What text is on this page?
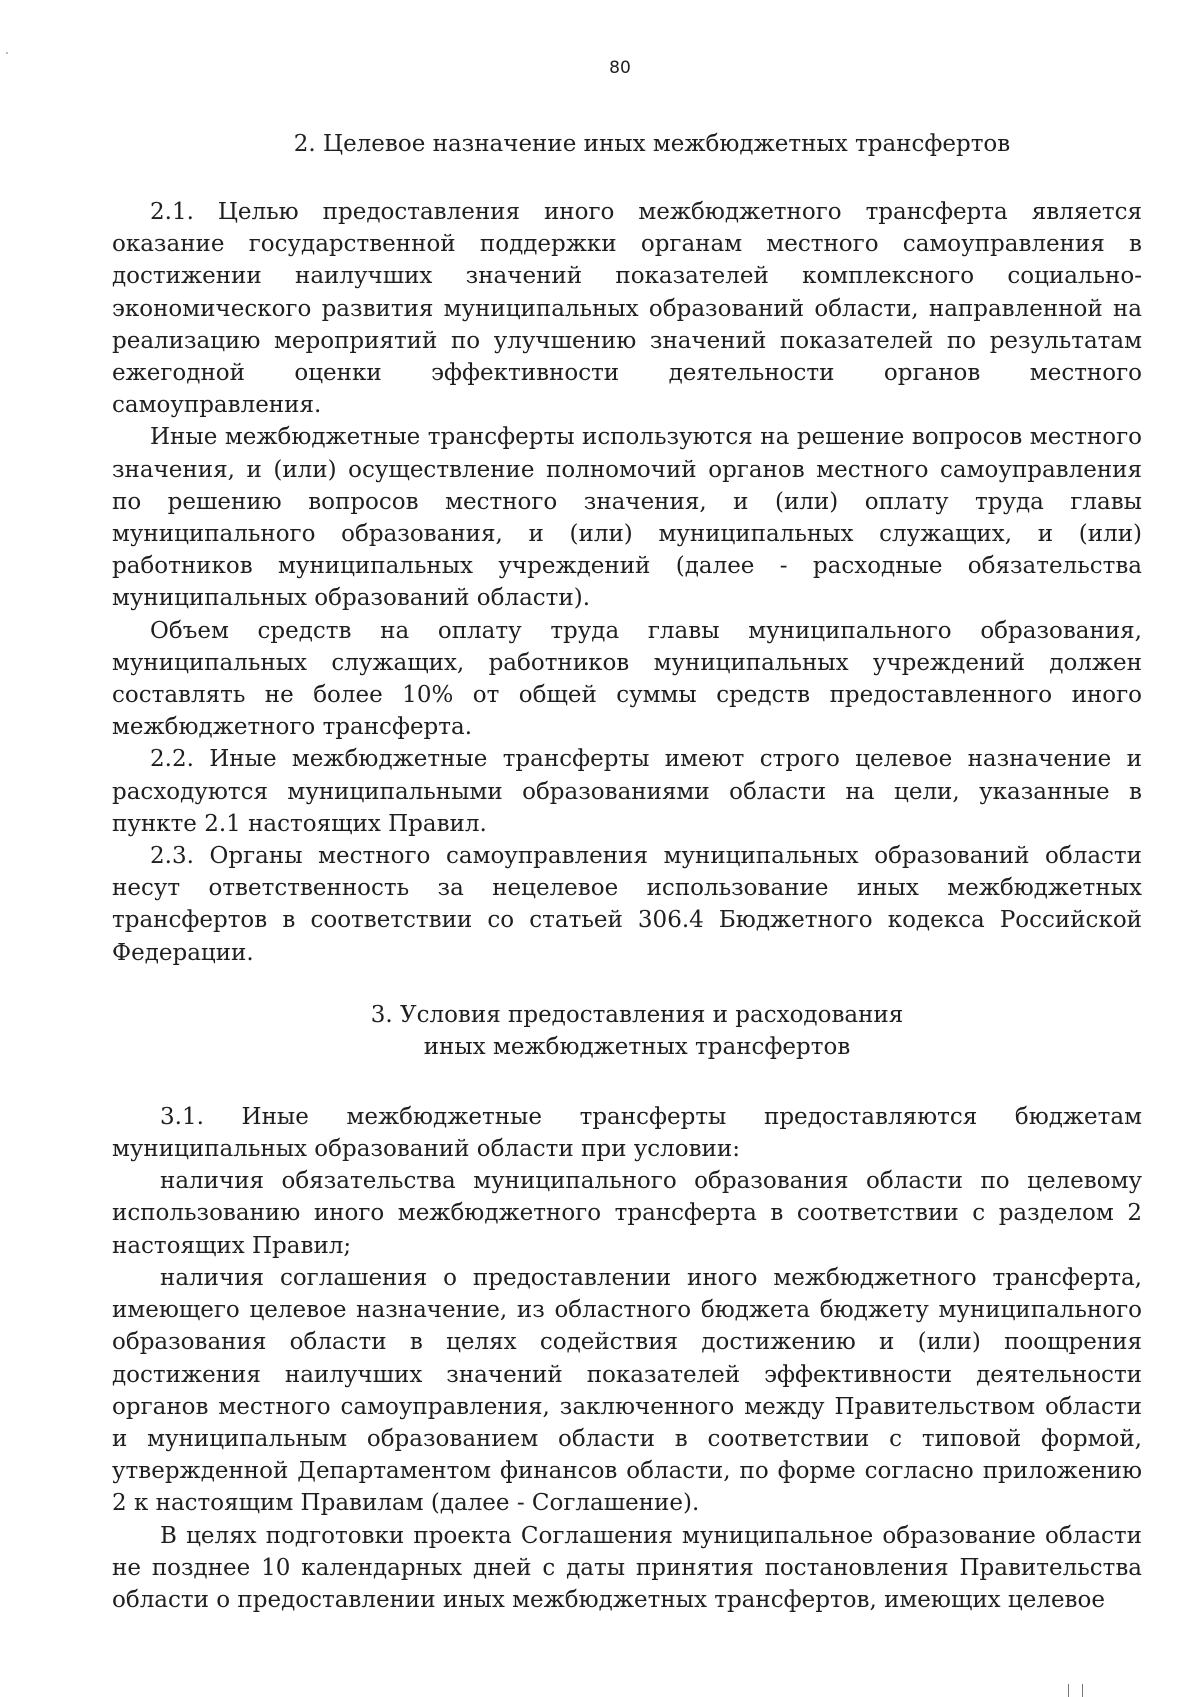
80
2. Целевое назначение иных межбюджетных трансфертов

2.1. Целью предоставления иного межбюджетного трансферта является оказание государственной поддержки органам местного самоуправления в достижении наилучших значений показателей комплексного социально-экономического развития муниципальных образований области, направленной на реализацию мероприятий по улучшению значений показателей по результатам ежегодной оценки эффективности деятельности органов местного самоуправления.

Иные межбюджетные трансферты используются на решение вопросов местного значения, и (или) осуществление полномочий органов местного самоуправления по решению вопросов местного значения, и (или) оплату труда главы муниципального образования, и (или) муниципальных служащих, и (или) работников муниципальных учреждений (далее - расходные обязательства муниципальных образований области).

Объем средств на оплату труда главы муниципального образования, муниципальных служащих, работников муниципальных учреждений должен составлять не более 10% от общей суммы средств предоставленного иного межбюджетного трансферта.

2.2. Иные межбюджетные трансферты имеют строго целевое назначение и расходуются муниципальными образованиями области на цели, указанные в пункте 2.1 настоящих Правил.

2.3. Органы местного самоуправления муниципальных образований области несут ответственность за нецелевое использование иных межбюджетных трансфертов в соответствии со статьей 306.4 Бюджетного кодекса Российской Федерации.

3. Условия предоставления и расходования
иных межбюджетных трансфертов

3.1. Иные межбюджетные трансферты предоставляются бюджетам муниципальных образований области при условии:

наличия обязательства муниципального образования области по целевому использованию иного межбюджетного трансферта в соответствии с разделом 2 настоящих Правил;

наличия соглашения о предоставлении иного межбюджетного трансферта, имеющего целевое назначение, из областного бюджета бюджету муниципального образования области в целях содействия достижению и (или) поощрения достижения наилучших значений показателей эффективности деятельности органов местного самоуправления, заключенного между Правительством области и муниципальным образованием области в соответствии с типовой формой, утвержденной Департаментом финансов области, по форме согласно приложению 2 к настоящим Правилам (далее - Соглашение).

В целях подготовки проекта Соглашения муниципальное образование области не позднее 10 календарных дней с даты принятия постановления Правительства области о предоставлении иных межбюджетных трансфертов, имеющих целевое
